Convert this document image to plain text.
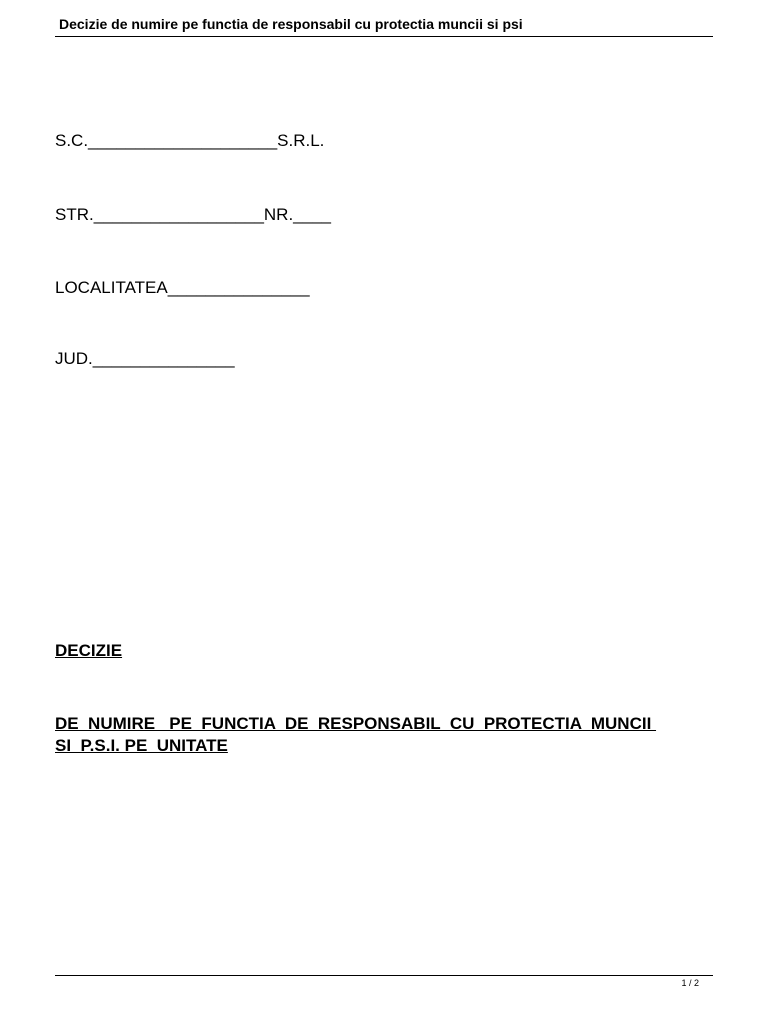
Decizie de numire pe functia de responsabil cu protectia muncii si psi
S.C.____________________S.R.L.
STR.__________________NR.____
LOCALITATEA_______________
JUD._______________
DECIZIE
DE  NUMIRE   PE  FUNCTIA  DE  RESPONSABIL  CU  PROTECTIA  MUNCII
SI  P.S.I. PE  UNITATE
1 / 2
